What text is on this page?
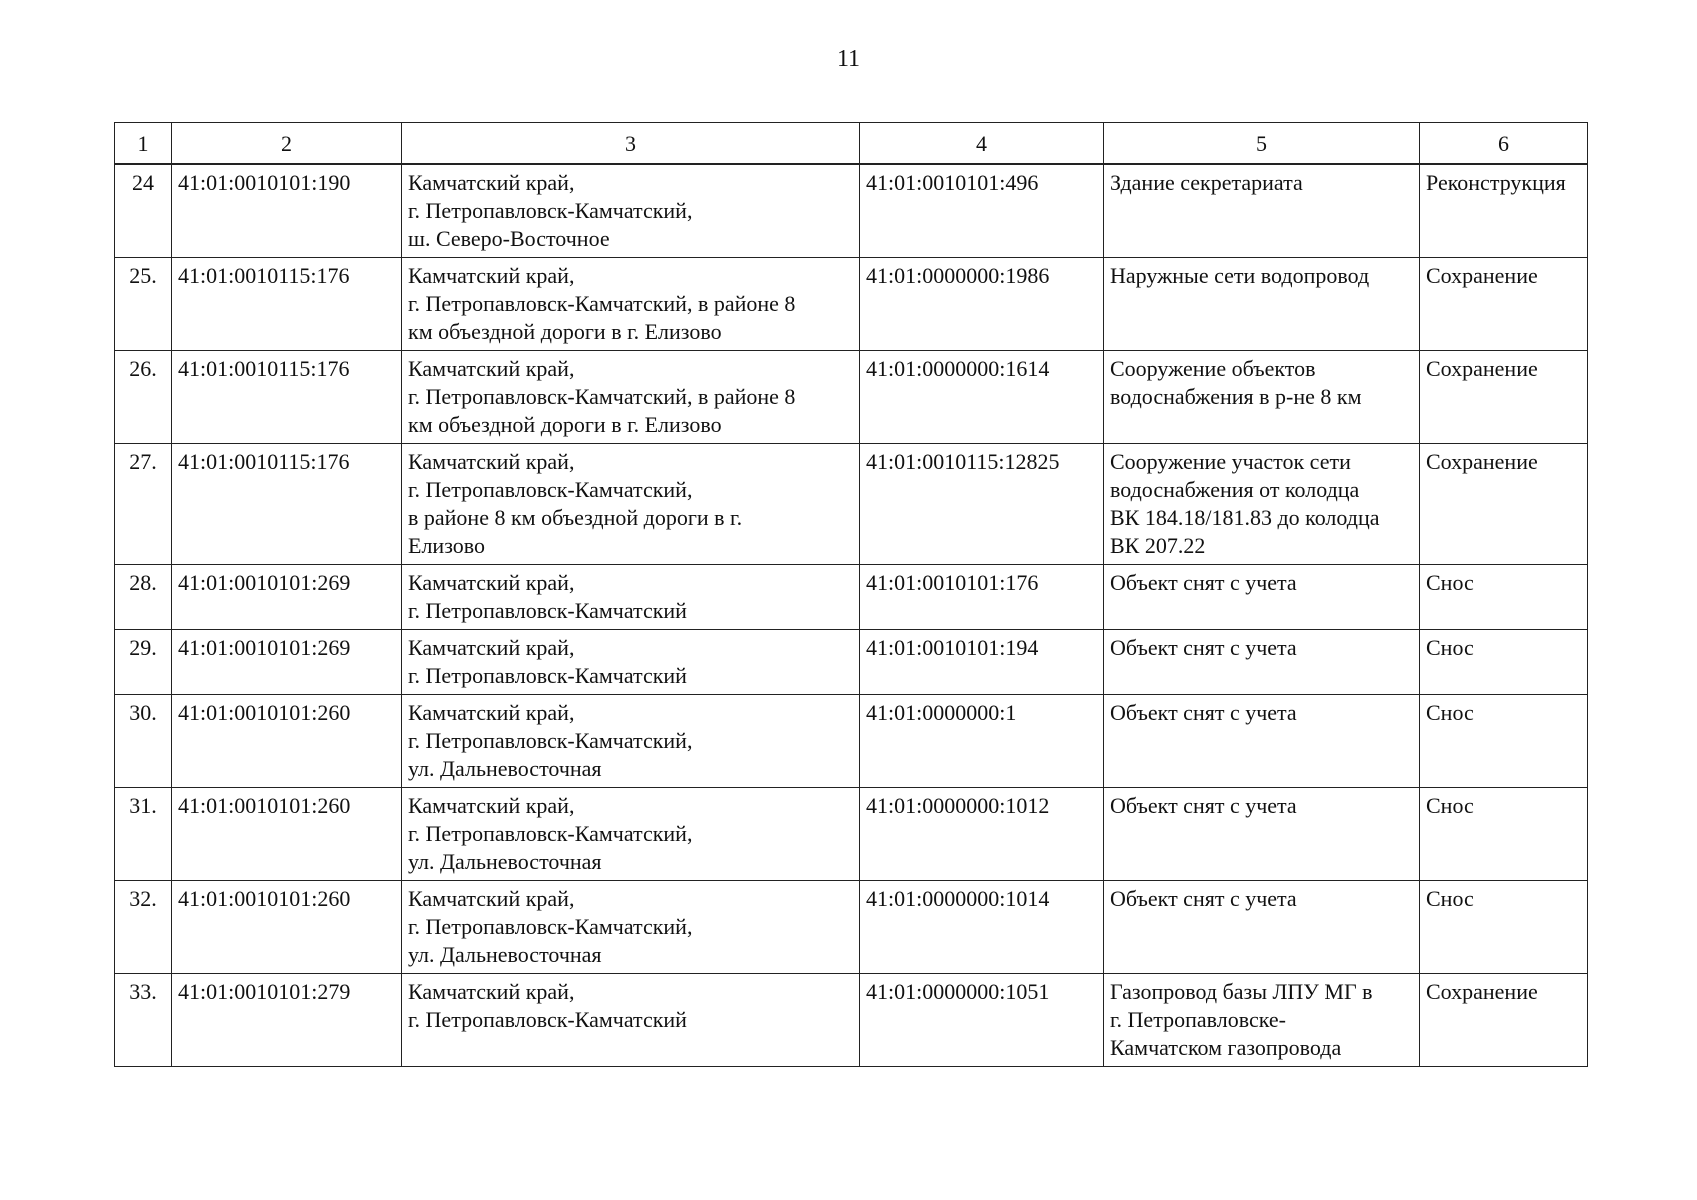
11
1	2	3	4	5	6
24	41:01:0010101:190	Камчатский край,
г. Петропавловск-Камчатский,
ш. Северо-Восточное	41:01:0010101:496	Здание секретариата	Реконструкция
25.	41:01:0010115:176	Камчатский край,
г. Петропавловск-Камчатский, в районе 8
км объездной дороги в г. Елизово	41:01:0000000:1986	Наружные сети водопровод	Сохранение
26.	41:01:0010115:176	Камчатский край,
г. Петропавловск-Камчатский, в районе 8
км объездной дороги в г. Елизово	41:01:0000000:1614	Сооружение объектов
водоснабжения в р-не 8 км	Сохранение
27.	41:01:0010115:176	Камчатский край,
г. Петропавловск-Камчатский,
в районе 8 км объездной дороги в г.
Елизово	41:01:0010115:12825	Сооружение участок сети
водоснабжения от колодца
ВК 184.18/181.83 до колодца
ВК 207.22	Сохранение
28.	41:01:0010101:269	Камчатский край,
г. Петропавловск-Камчатский	41:01:0010101:176	Объект снят с учета	Снос
29.	41:01:0010101:269	Камчатский край,
г. Петропавловск-Камчатский	41:01:0010101:194	Объект снят с учета	Снос
30.	41:01:0010101:260	Камчатский край,
г. Петропавловск-Камчатский,
ул. Дальневосточная	41:01:0000000:1	Объект снят с учета	Снос
31.	41:01:0010101:260	Камчатский край,
г. Петропавловск-Камчатский,
ул. Дальневосточная	41:01:0000000:1012	Объект снят с учета	Снос
32.	41:01:0010101:260	Камчатский край,
г. Петропавловск-Камчатский,
ул. Дальневосточная	41:01:0000000:1014	Объект снят с учета	Снос
33.	41:01:0010101:279	Камчатский край,
г. Петропавловск-Камчатский	41:01:0000000:1051	Газопровод базы ЛПУ МГ в
г. Петропавловске-
Камчатском газопровода	Сохранение
